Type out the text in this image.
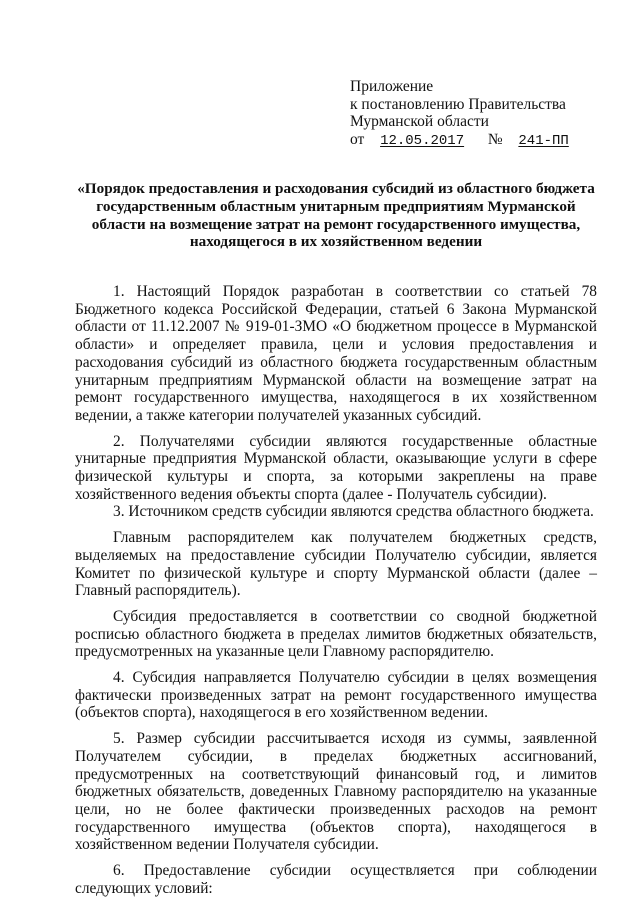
Приложение
к постановлению Правительства
Мурманской области
от 12.05.2017 № 241-ПП
«Порядок предоставления и расходования субсидий из областного бюджета государственным областным унитарным предприятиям Мурманской области на возмещение затрат на ремонт государственного имущества, находящегося в их хозяйственном ведении

1. Настоящий Порядок разработан в соответствии со статьей 78 Бюджетного кодекса Российской Федерации, статьей 6 Закона Мурманской области от 11.12.2007 № 919-01-ЗМО «О бюджетном процессе в Мурманской области» и определяет правила, цели и условия предоставления и расходования субсидий из областного бюджета государственным областным унитарным предприятиям Мурманской области на возмещение затрат на ремонт государственного имущества, находящегося в их хозяйственном ведении, а также категории получателей указанных субсидий.

2. Получателями субсидии являются государственные областные унитарные предприятия Мурманской области, оказывающие услуги в сфере физической культуры и спорта, за которыми закреплены на праве хозяйственного ведения объекты спорта (далее - Получатель субсидии).

3. Источником средств субсидии являются средства областного бюджета.

Главным распорядителем как получателем бюджетных средств, выделяемых на предоставление субсидии Получателю субсидии, является Комитет по физической культуре и спорту Мурманской области (далее – Главный распорядитель).

Субсидия предоставляется в соответствии со сводной бюджетной росписью областного бюджета в пределах лимитов бюджетных обязательств, предусмотренных на указанные цели Главному распорядителю.

4. Субсидия направляется Получателю субсидии в целях возмещения фактически произведенных затрат на ремонт государственного имущества (объектов спорта), находящегося в его хозяйственном ведении.

5. Размер субсидии рассчитывается исходя из суммы, заявленной Получателем субсидии, в пределах бюджетных ассигнований, предусмотренных на соответствующий финансовый год, и лимитов бюджетных обязательств, доведенных Главному распорядителю на указанные цели, но не более фактически произведенных расходов на ремонт государственного имущества (объектов спорта), находящегося в хозяйственном ведении Получателя субсидии.

6. Предоставление субсидии осуществляется при соблюдении следующих условий:
